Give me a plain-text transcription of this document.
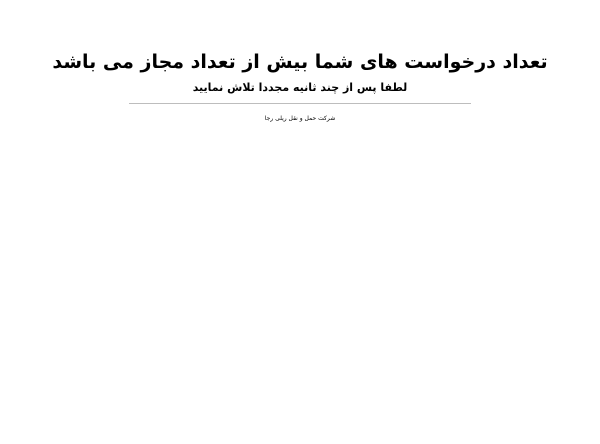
تعداد درخواست های شما بیش از تعداد مجاز می باشد
لطفا پس از چند ثانیه مجددا تلاش نمایید

شرکت حمل و نقل ریلی رجا
